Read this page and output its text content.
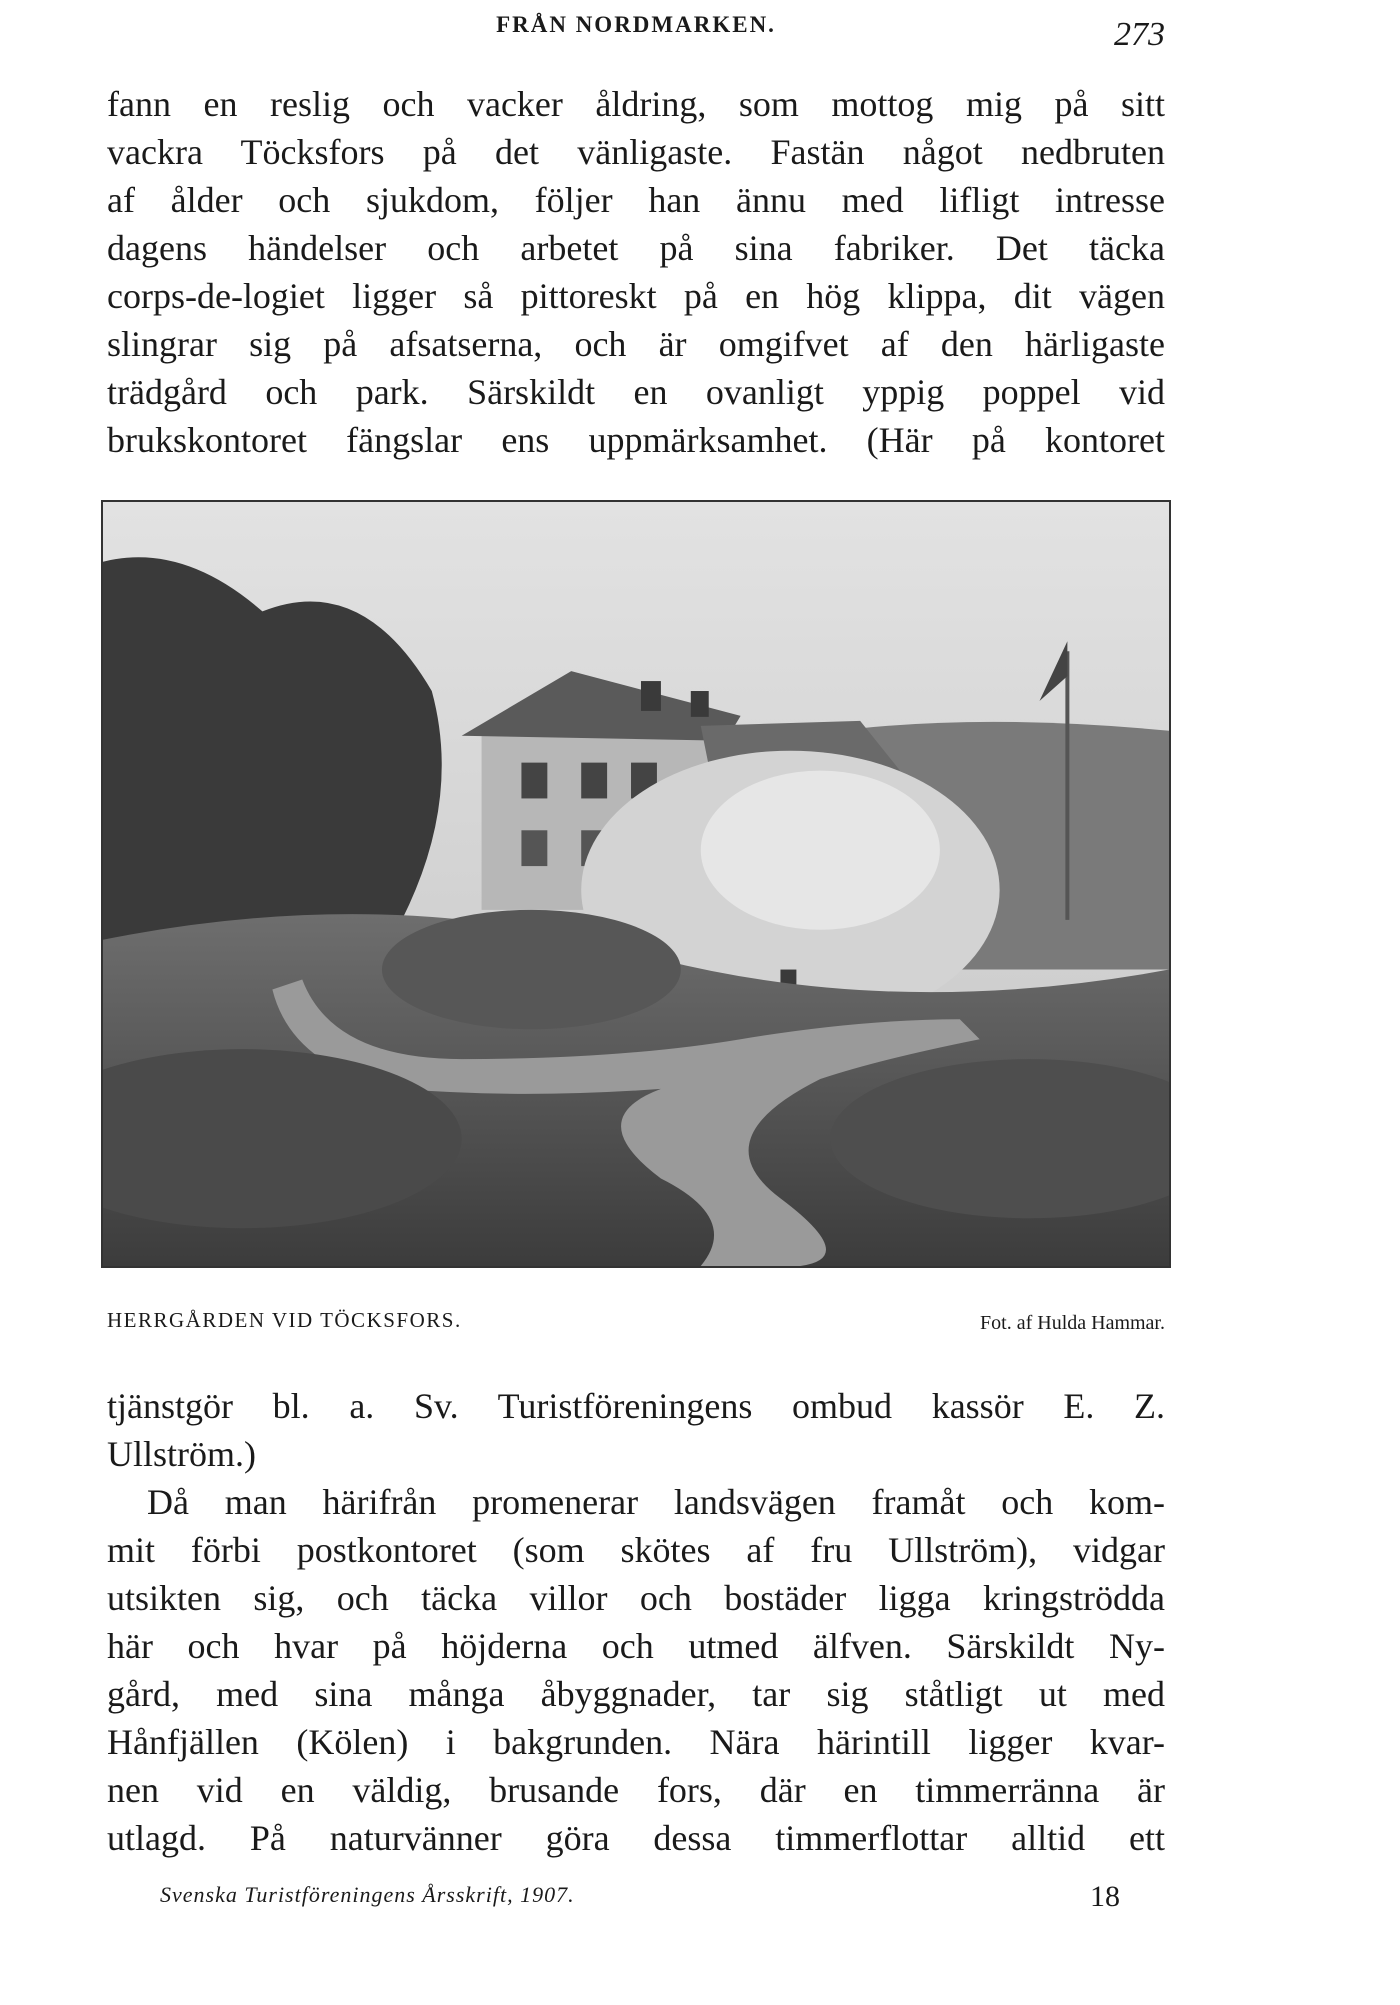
FRÅN NORDMARKEN.	273

fann en reslig och vacker åldring, som mottog mig på sitt
vackra Töcksfors på det vänligaste. Fastän något nedbruten
af ålder och sjukdom, följer han ännu med lifligt intresse
dagens händelser och arbetet på sina fabriker. Det täcka
corps-de-logiet ligger så pittoreskt på en hög klippa, dit vägen
slingrar sig på afsatserna, och är omgifvet af den härligaste
trädgård och park. Särskildt en ovanligt yppig poppel vid
brukskontoret fängslar ens uppmärksamhet. (Här på kontoret

HERRGÅRDEN VID TÖCKSFORS.	Fot. af Hulda Hammar.

tjänstgör bl. a. Sv. Turistföreningens ombud kassör E. Z.
Ullström.)
Då man härifrån promenerar landsvägen framåt och kom-
mit förbi postkontoret (som skötes af fru Ullström), vidgar
utsikten sig, och täcka villor och bostäder ligga kringströdda
här och hvar på höjderna och utmed älfven. Särskildt Ny-
gård, med sina många åbyggnader, tar sig ståtligt ut med
Hånfjällen (Kölen) i bakgrunden. Nära härintill ligger kvar-
nen vid en väldig, brusande fors, där en timmerränna är
utlagd. På naturvänner göra dessa timmerflottar alltid ett

Svenska Turistföreningens Årsskrift, 1907.	18
